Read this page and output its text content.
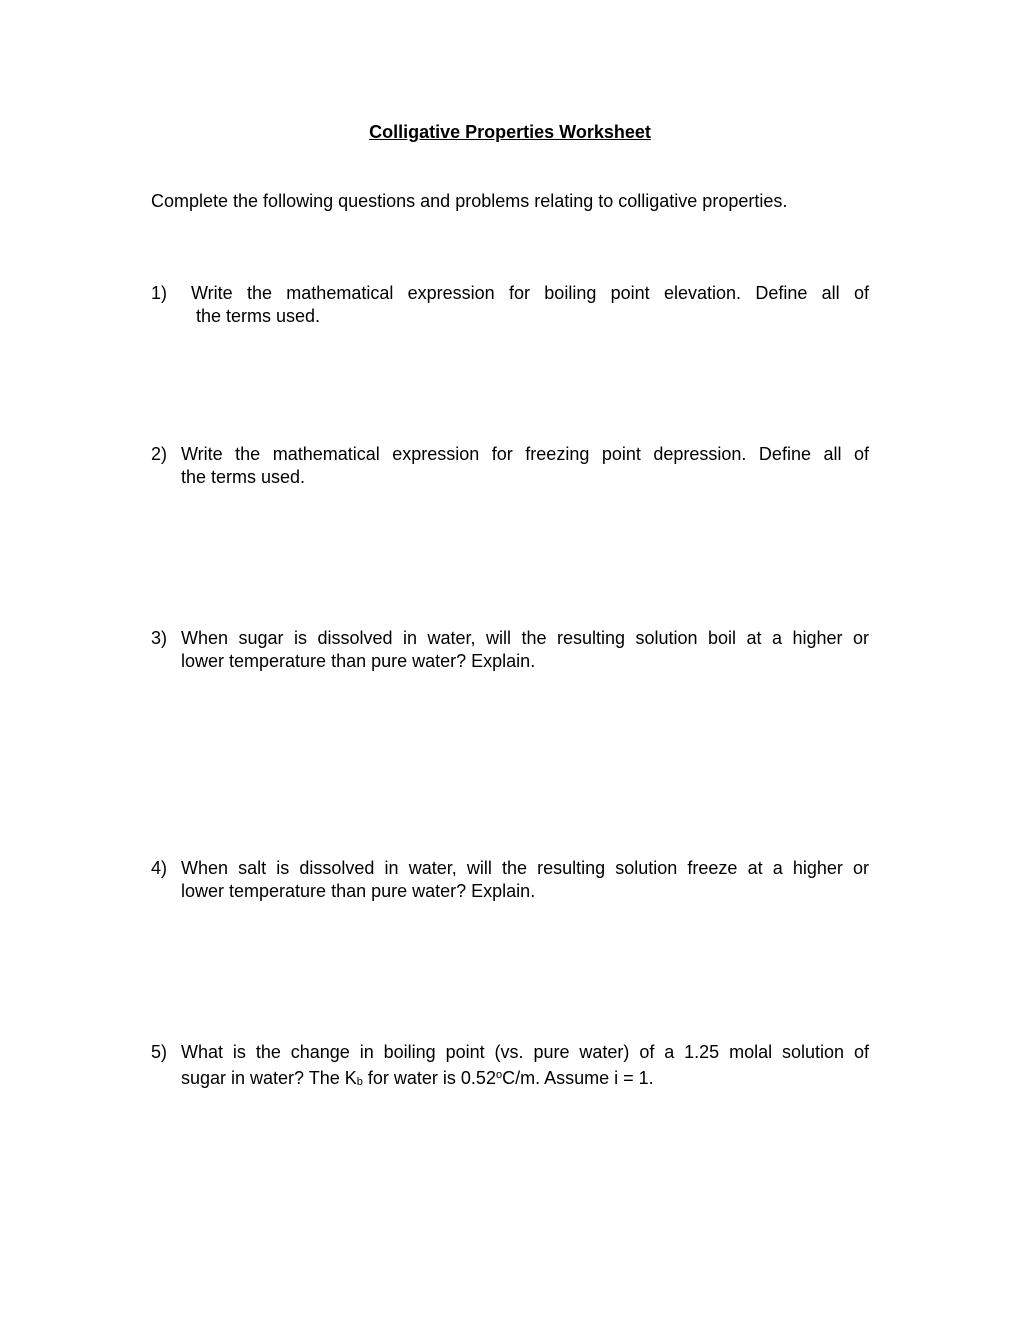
Colligative Properties Worksheet
Complete the following questions and problems relating to colligative properties.
1)	Write the mathematical expression for boiling point elevation. Define all of
the terms used.
2) Write the mathematical expression for freezing point depression. Define all of
the terms used.
3) When sugar is dissolved in water, will the resulting solution boil at a higher or
lower temperature than pure water? Explain.
4) When salt is dissolved in water, will the resulting solution freeze at a higher or
lower temperature than pure water? Explain.
5) What is the change in boiling point (vs. pure water) of a 1.25 molal solution of
sugar in water? The $K_b$ for water is 0.52$^o$C/m. Assume i = 1.
